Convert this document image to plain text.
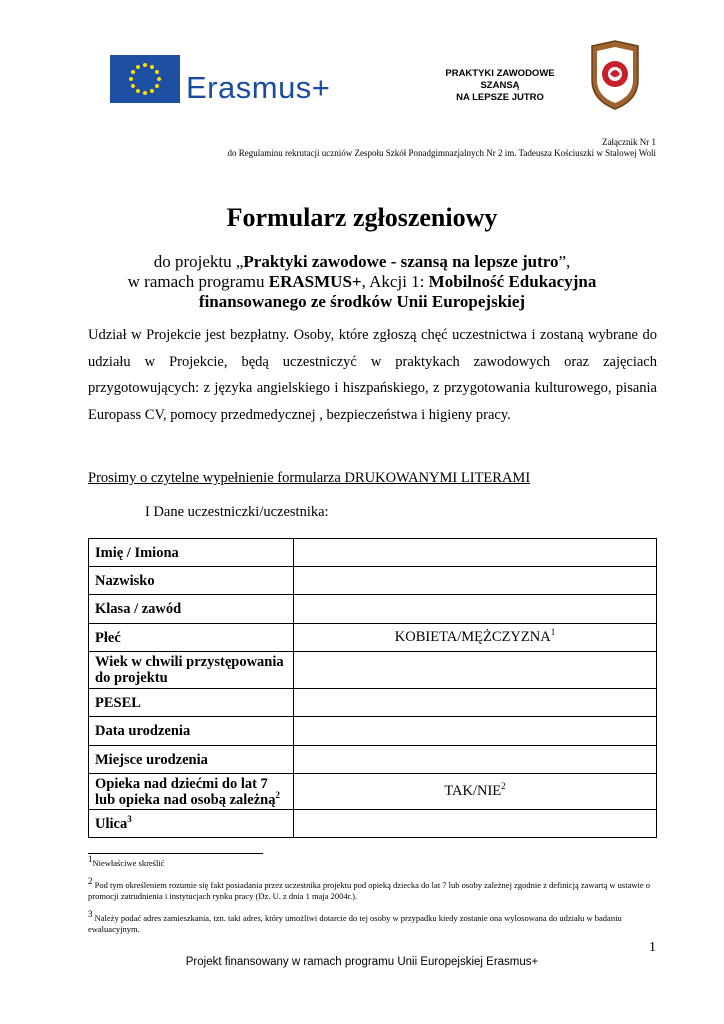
Erasmus+	PRAKTYKI ZAWODOWE
SZANSĄ
NA LEPSZE JUTRO
Załącznik Nr 1
do Regulaminu rekrutacji uczniów Zespołu Szkół Ponadgimnazjalnych Nr 2 im. Tadeusza Kościuszki w Stalowej Woli
Formularz zgłoszeniowy
do projektu „Praktyki zawodowe - szansą na lepsze jutro”,
w ramach programu ERASMUS+, Akcji 1: Mobilność Edukacyjna
finansowanego ze środków Unii Europejskiej
Udział w Projekcie jest bezpłatny. Osoby, które zgłoszą chęć uczestnictwa i zostaną wybrane do udziału w Projekcie, będą uczestniczyć w praktykach zawodowych oraz zajęciach przygotowujących: z języka angielskiego i hiszpańskiego, z przygotowania kulturowego, pisania Europass CV, pomocy przedmedycznej , bezpieczeństwa i higieny pracy.
Prosimy o czytelne wypełnienie formularza DRUKOWANYMI LITERAMI
I Dane uczestniczki/uczestnika:
Imię / Imiona	
Nazwisko	
Klasa / zawód	
Płeć	KOBIETA/MĘŻCZYZNA$^1$
Wiek w chwili przystępowania do projektu	
PESEL	
Data urodzenia	
Miejsce urodzenia	
Opieka nad dziećmi do lat 7 lub opieka nad osobą zależną$^2$	TAK/NIE$^2$
Ulica$^3$	
$^1$Niewłaściwe skreślić
$^2$ Pod tym określeniem rozumie się fakt posiadania przez uczestnika projektu pod opieką dziecka do lat 7 lub osoby zależnej zgodnie z definicją zawartą w ustawie o promocji zatrudnienia i instytucjach rynku pracy (Dz. U. z dnia 1 maja 2004r.).
$^3$ Należy podać adres zamieszkania, tzn. taki adres, który umożliwi dotarcie do tej osoby w przypadku kiedy zostanie ona wylosowana do udziału w badaniu ewaluacyjnym.
1
Projekt finansowany w ramach programu Unii Europejskiej Erasmus+
